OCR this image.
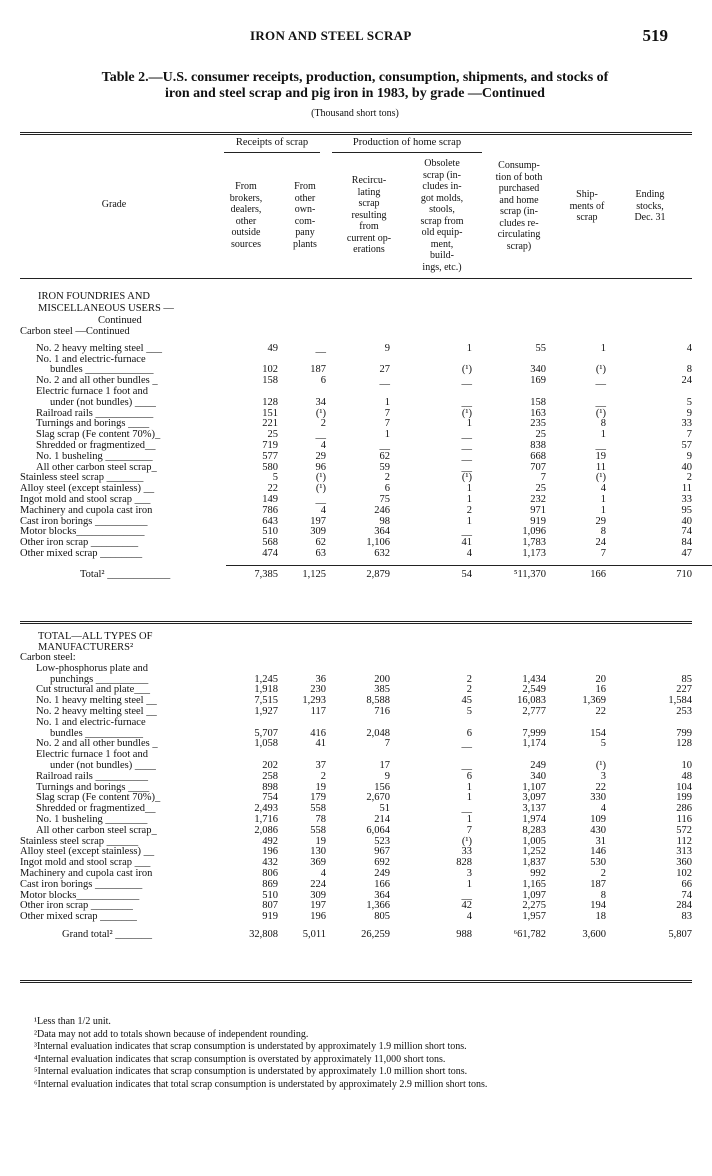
IRON AND STEEL SCRAP	519
Table 2.—U.S. consumer receipts, production, consumption, shipments, and stocks of
iron and steel scrap and pig iron in 1983, by grade —Continued
(Thousand short tons)
Receipts of scrap	Production of home scrap
Grade
From
brokers,
dealers,
other
outside
sources
From
other
own-
com-
pany
plants
Recircu-
lating
scrap
resulting
from
current op-
erations
Obsolete
scrap (in-
cludes in-
got molds,
stools,
scrap from
old equip-
ment,
build-
ings, etc.)
Consump-
tion of both
purchased
and home
scrap (in-
cludes re-
circulating
scrap)
Ship-
ments of
scrap
Ending
stocks,
Dec. 31
IRON FOUNDRIES AND
MISCELLANEOUS USERS —
Continued
Carbon steel —Continued
No. 2 heavy melting steel ___	49	__	9	1	55	1	4
No. 1 and electric-furnace
bundles _____________	102	187	27	(¹)	340	(¹)	8
No. 2 and all other bundles _	158	6	__	__	169	__	24
Electric furnace 1 foot and
under (not bundles) ____	128	34	1	__	158	__	5
Railroad rails ___________	151	(¹)	7	(¹)	163	(¹)	9
Turnings and borings ____	221	2	7	1	235	8	33
Slag scrap (Fe content 70%)_	25	__	1	__	25	1	7
Shredded or fragmentized__	719	4	__	__	838	__	57
No. 1 busheling _________	577	29	62	__	668	19	9
All other carbon steel scrap_	580	96	59	__	707	11	40
Stainless steel scrap _______	5	(¹)	2	(¹)	7	(¹)	2
Alloy steel (except stainless) __	22	(¹)	6	1	25	4	11
Ingot mold and stool scrap ___	149	__	75	1	232	1	33
Machinery and cupola cast iron	786	4	246	2	971	1	95
Cast iron borings __________	643	197	98	1	919	29	40
Motor blocks_____________	510	309	364	__	1,096	8	74
Other iron scrap _________	568	62	1,106	41	1,783	24	84
Other mixed scrap ________	474	63	632	4	1,173	7	47
Total² ____________	7,385 1,125	2,879	54	⁵11,370	166	710
TOTAL—ALL TYPES OF
MANUFACTURERS²
Carbon steel:
Low-phosphorus plate and
punchings __________	1,245	36	200	2	1,434	20	85
Cut structural and plate___	1,918	230	385	2	2,549	16	227
No. 1 heavy melting steel __	7,515 1,293	8,588	45	16,083	1,369	1,584
No. 2 heavy melting steel __	1,927	117	716	5	2,777	22	253
No. 1 and electric-furnace
bundles ___________	5,707	416	2,048	6	7,999	154	799
No. 2 and all other bundles _	1,058	41	7	__	1,174	5	128
Electric furnace 1 foot and
under (not bundles) ____	202	37	17	__	249	(¹)	10
Railroad rails __________	258	2	9	6	340	3	48
Turnings and borings ____	898	19	156	1	1,107	22	104
Slag scrap (Fe content 70%)_	754	179	2,670	1	3,097	330	199
Shredded or fragmentized__	2,493	558	51	__	3,137	4	286
No. 1 busheling ________	1,716	78	214	1	1,974	109	116
All other carbon steel scrap_	2,086	558	6,064	7	8,283	430	572
Stainless steel scrap ______	492	19	523	(¹)	1,005	31	112
Alloy steel (except stainless) __	196	130	967	33	1,252	146	313
Ingot mold and stool scrap ___	432	369	692	828	1,837	530	360
Machinery and cupola cast iron	806	4	249	3	992	2	102
Cast iron borings _________	869	224	166	1	1,165	187	66
Motor blocks____________	510	309	364	__	1,097	8	74
Other iron scrap ________	807	197	1,366	42	2,275	194	284
Other mixed scrap _______	919	196	805	4	1,957	18	83
Grand total² _______	32,808 5,011	26,259	988	⁶61,782	3,600	5,807
¹Less than 1/2 unit.
²Data may not add to totals shown because of independent rounding.
³Internal evaluation indicates that scrap consumption is understated by approximately 1.9 million short tons.
⁴Internal evaluation indicates that scrap consumption is overstated by approximately 11,000 short tons.
⁵Internal evaluation indicates that scrap consumption is understated by approximately 1.0 million short tons.
⁶Internal evaluation indicates that total scrap consumption is understated by approximately 2.9 million short tons.
